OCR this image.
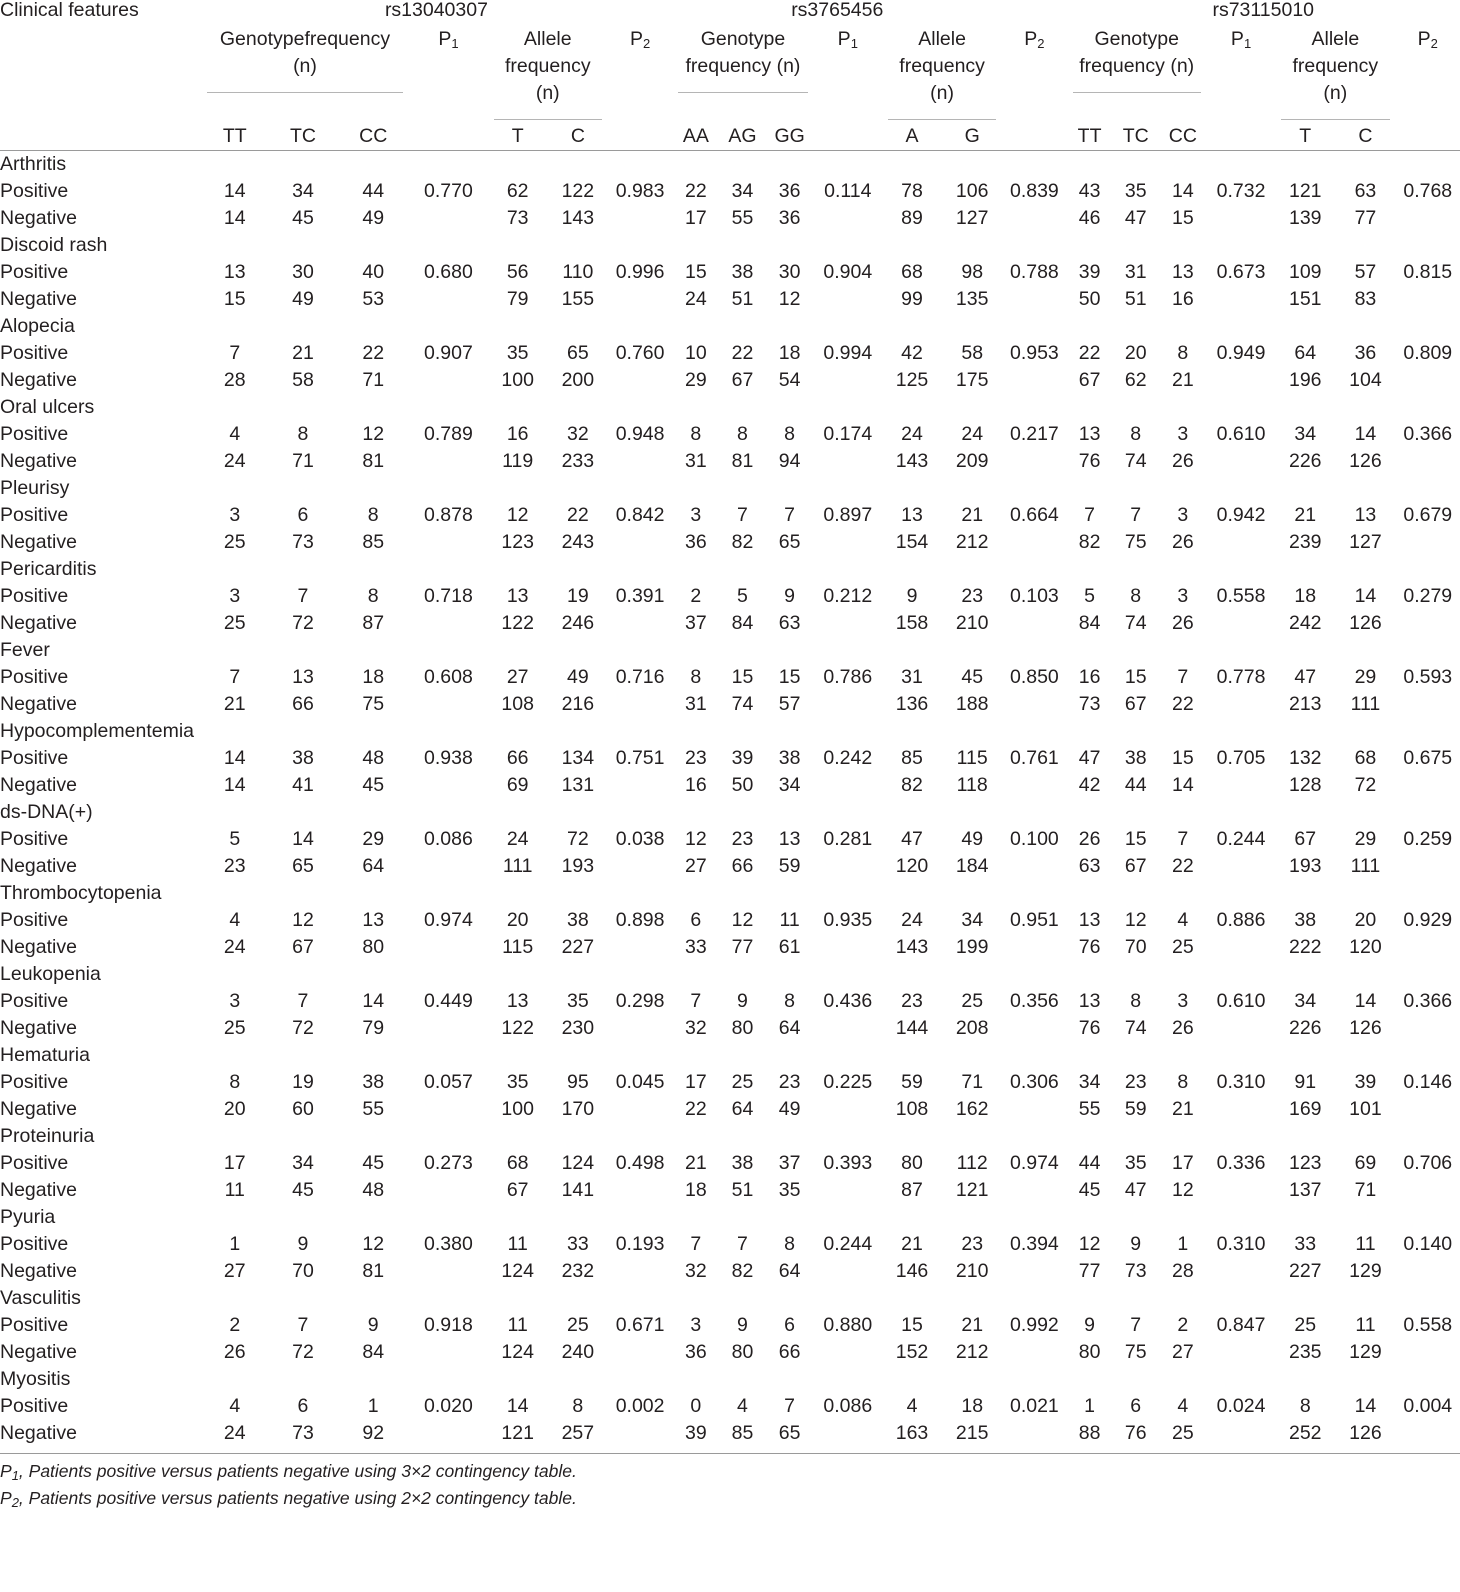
Clinical features	rs13040307							rs3765456							rs73115010						

	Genotypefrequency (n)			$P_1$	Allele frequency (n)		$P_2$	Genotype frequency (n)			$P_1$	Allele frequency (n)		$P_2$	Genotype frequency (n)			$P_1$	Allele frequency (n)		$P_2$

	TT	TC	CC		T	C		AA	AG	GG		A	G		TT	TC	CC		T	C	
Arthritis																					
Positive	14	34	44	0.770	62	122	0.983	22	34	36	0.114	78	106	0.839	43	35	14	0.732	121	63	0.768
Negative	14	45	49		73	143		17	55	36		89	127		46	47	15		139	77	
Discoid rash																					
Positive	13	30	40	0.680	56	110	0.996	15	38	30	0.904	68	98	0.788	39	31	13	0.673	109	57	0.815
Negative	15	49	53		79	155		24	51	12		99	135		50	51	16		151	83	
Alopecia																					
Positive	7	21	22	0.907	35	65	0.760	10	22	18	0.994	42	58	0.953	22	20	8	0.949	64	36	0.809
Negative	28	58	71		100	200		29	67	54		125	175		67	62	21		196	104	
Oral ulcers																					
Positive	4	8	12	0.789	16	32	0.948	8	8	8	0.174	24	24	0.217	13	8	3	0.610	34	14	0.366
Negative	24	71	81		119	233		31	81	94		143	209		76	74	26		226	126	
Pleurisy																					
Positive	3	6	8	0.878	12	22	0.842	3	7	7	0.897	13	21	0.664	7	7	3	0.942	21	13	0.679
Negative	25	73	85		123	243		36	82	65		154	212		82	75	26		239	127	
Pericarditis																					
Positive	3	7	8	0.718	13	19	0.391	2	5	9	0.212	9	23	0.103	5	8	3	0.558	18	14	0.279
Negative	25	72	87		122	246		37	84	63		158	210		84	74	26		242	126	
Fever																					
Positive	7	13	18	0.608	27	49	0.716	8	15	15	0.786	31	45	0.850	16	15	7	0.778	47	29	0.593
Negative	21	66	75		108	216		31	74	57		136	188		73	67	22		213	111	
Hypocomplementemia																					
Positive	14	38	48	0.938	66	134	0.751	23	39	38	0.242	85	115	0.761	47	38	15	0.705	132	68	0.675
Negative	14	41	45		69	131		16	50	34		82	118		42	44	14		128	72	
ds-DNA(+)																					
Positive	5	14	29	0.086	24	72	0.038	12	23	13	0.281	47	49	0.100	26	15	7	0.244	67	29	0.259
Negative	23	65	64		111	193		27	66	59		120	184		63	67	22		193	111	
Thrombocytopenia																					
Positive	4	12	13	0.974	20	38	0.898	6	12	11	0.935	24	34	0.951	13	12	4	0.886	38	20	0.929
Negative	24	67	80		115	227		33	77	61		143	199		76	70	25		222	120	
Leukopenia																					
Positive	3	7	14	0.449	13	35	0.298	7	9	8	0.436	23	25	0.356	13	8	3	0.610	34	14	0.366
Negative	25	72	79		122	230		32	80	64		144	208		76	74	26		226	126	
Hematuria																					
Positive	8	19	38	0.057	35	95	0.045	17	25	23	0.225	59	71	0.306	34	23	8	0.310	91	39	0.146
Negative	20	60	55		100	170		22	64	49		108	162		55	59	21		169	101	
Proteinuria																					
Positive	17	34	45	0.273	68	124	0.498	21	38	37	0.393	80	112	0.974	44	35	17	0.336	123	69	0.706
Negative	11	45	48		67	141		18	51	35		87	121		45	47	12		137	71	
Pyuria																					
Positive	1	9	12	0.380	11	33	0.193	7	7	8	0.244	21	23	0.394	12	9	1	0.310	33	11	0.140
Negative	27	70	81		124	232		32	82	64		146	210		77	73	28		227	129	
Vasculitis																					
Positive	2	7	9	0.918	11	25	0.671	3	9	6	0.880	15	21	0.992	9	7	2	0.847	25	11	0.558
Negative	26	72	84		124	240		36	80	66		152	212		80	75	27		235	129	
Myositis																					
Positive	4	6	1	0.020	14	8	0.002	0	4	7	0.086	4	18	0.021	1	6	4	0.024	8	14	0.004
Negative	24	73	92		121	257		39	85	65		163	215		88	76	25		252	126	
$P_1$, Patients positive versus patients negative using 3×2 contingency table.
$P_2$, Patients positive versus patients negative using 2×2 contingency table.
